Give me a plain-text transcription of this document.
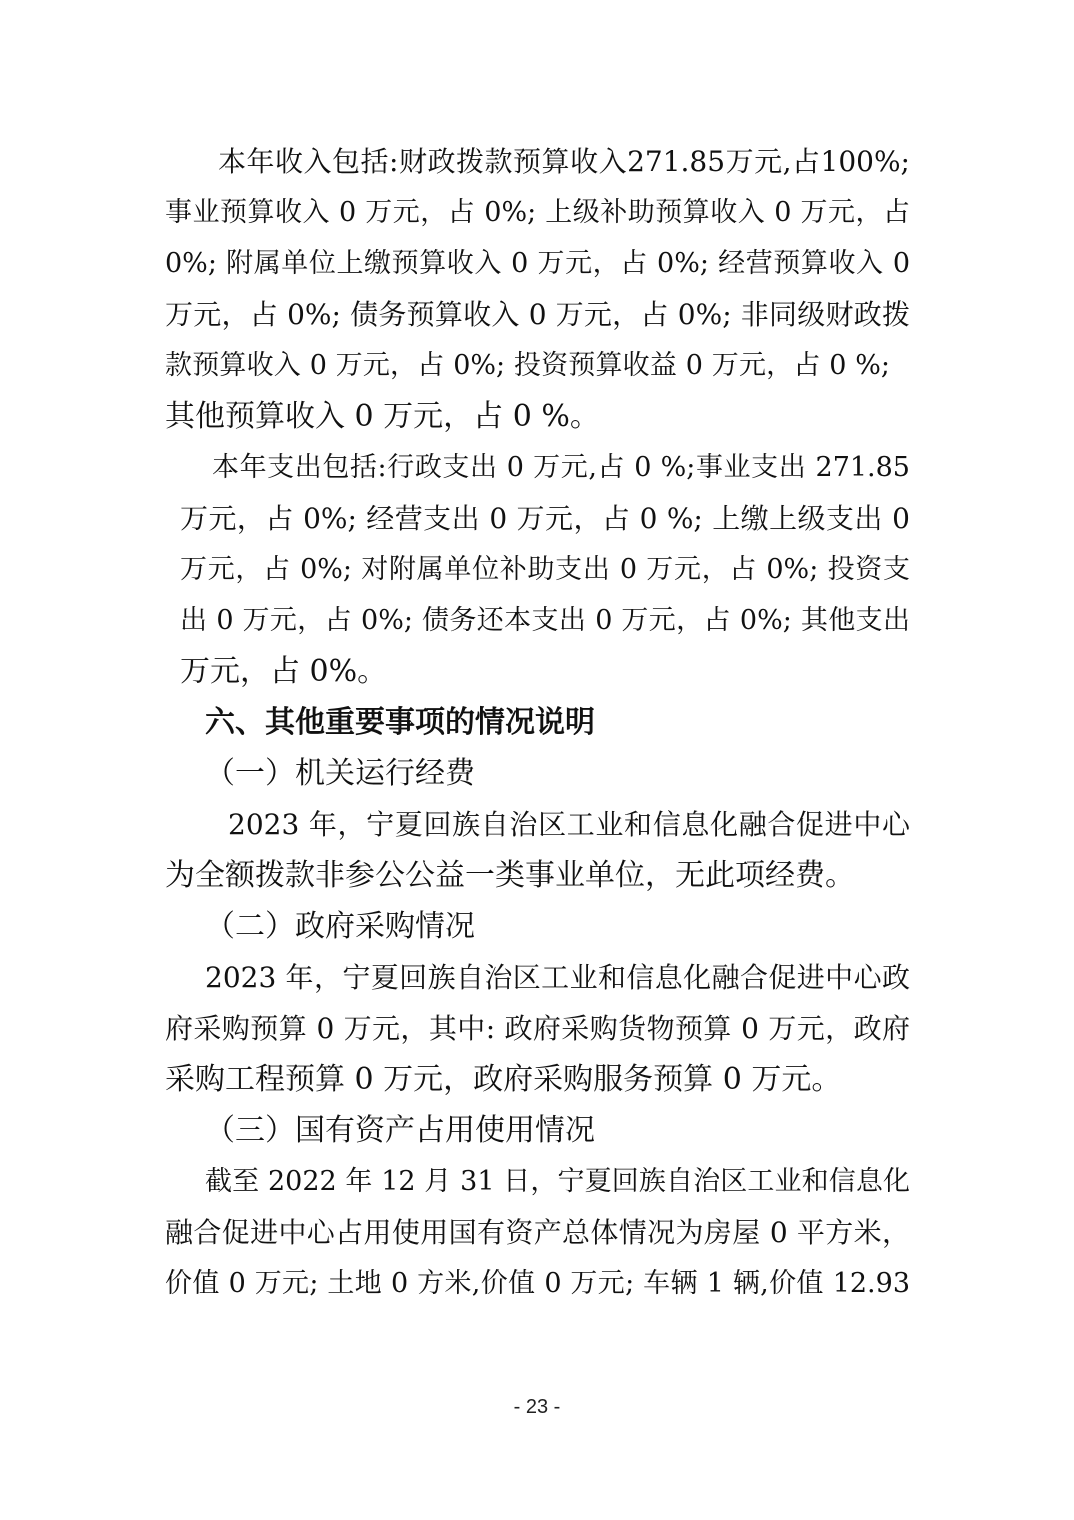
本年收入包括:财政拨款预算收入271.85万元,占100%;
事业预算收入 0 万元，占 0%; 上级补助预算收入 0 万元，占
0%; 附属单位上缴预算收入 0 万元，占 0%; 经营预算收入 0
万元，占 0%; 债务预算收入 0 万元，占 0%; 非同级财政拨
款预算收入 0 万元，占 0%; 投资预算收益 0 万元，占 0 %;
其他预算收入 0 万元，占 0 %。
本年支出包括:行政支出 0 万元,占 0 %;事业支出 271.85
万元，占 0%; 经营支出 0 万元，占 0 %; 上缴上级支出 0
万元，占 0%; 对附属单位补助支出 0 万元，占 0%; 投资支
出 0 万元，占 0%; 债务还本支出 0 万元，占 0%; 其他支出
万元，占 0%。
六、其他重要事项的情况说明
（一）机关运行经费
2023 年，宁夏回族自治区工业和信息化融合促进中心
为全额拨款非参公公益一类事业单位，无此项经费。
（二）政府采购情况
2023 年，宁夏回族自治区工业和信息化融合促进中心政
府采购预算 0 万元，其中: 政府采购货物预算 0 万元，政府
采购工程预算 0 万元，政府采购服务预算 0 万元。
（三）国有资产占用使用情况
截至 2022 年 12 月 31 日，宁夏回族自治区工业和信息化
融合促进中心占用使用国有资产总体情况为房屋 0 平方米，
价值 0 万元; 土地 0 方米,价值 0 万元; 车辆 1 辆,价值 12.93
- 23 -
